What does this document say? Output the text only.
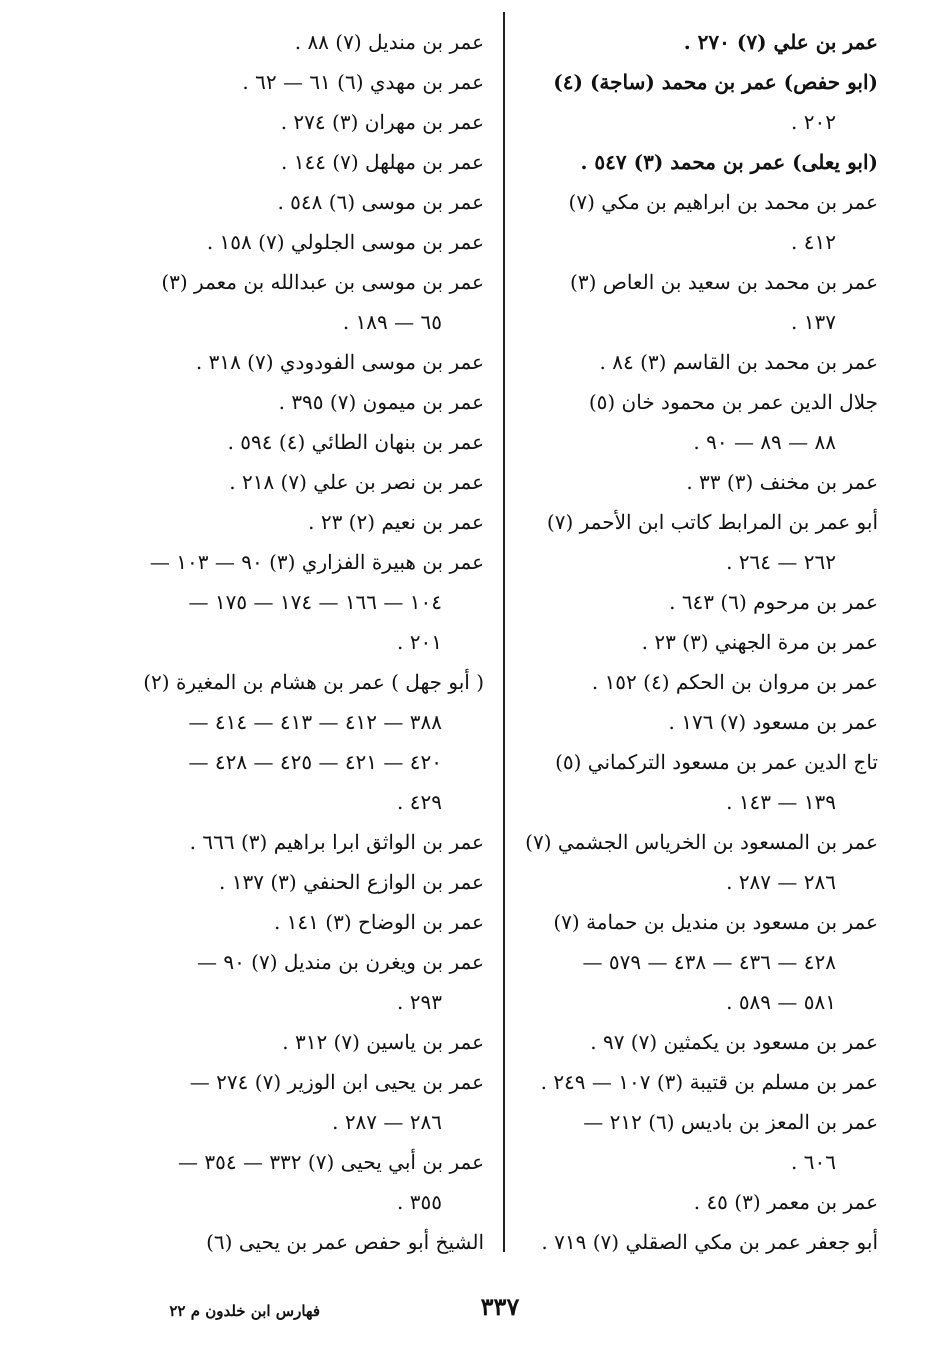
عمر بن علي (٧) ٢٧٠ .
(ابو حفص) عمر بن محمد (ساجة) (٤)
٢٠٢ .
(ابو يعلى) عمر بن محمد (٣) ٥٤٧ .
عمر بن محمد بن ابراهيم بن مكي (٧)
٤١٢ .
عمر بن محمد بن سعيد بن العاص (٣)
١٣٧ .
عمر بن محمد بن القاسم (٣) ٨٤ .
جلال الدين عمر بن محمود خان (٥)
٨٨ — ٨٩ — ٩٠ .
عمر بن مخنف (٣) ٣٣ .
أبو عمر بن المرابط كاتب ابن الأحمر (٧)
٢٦٢ — ٢٦٤ .
عمر بن مرحوم (٦) ٦٤٣ .
عمر بن مرة الجهني (٣) ٢٣ .
عمر بن مروان بن الحكم (٤) ١٥٢ .
عمر بن مسعود (٧) ١٧٦ .
تاج الدين عمر بن مسعود التركماني (٥)
١٣٩ — ١٤٣ .
عمر بن المسعود بن الخرياس الجشمي (٧)
٢٨٦ — ٢٨٧ .
عمر بن مسعود بن منديل بن حمامة (٧)
٤٢٨ — ٤٣٦ — ٤٣٨ — ٥٧٩ —
٥٨١ — ٥٨٩ .
عمر بن مسعود بن يكمثين (٧) ٩٧ .
عمر بن مسلم بن قتيبة (٣) ١٠٧ — ٢٤٩ .
عمر بن المعز بن باديس (٦) ٢١٢ —
٦٠٦ .
عمر بن معمر (٣) ٤٥ .
أبو جعفر عمر بن مكي الصقلي (٧) ٧١٩ .
عمر بن منديل (٧) ٨٨ .
عمر بن مهدي (٦) ٦١ — ٦٢ .
عمر بن مهران (٣) ٢٧٤ .
عمر بن مهلهل (٧) ١٤٤ .
عمر بن موسى (٦) ٥٤٨ .
عمر بن موسى الجلولي (٧) ١٥٨ .
عمر بن موسى بن عبدالله بن معمر (٣)
٦٥ — ١٨٩ .
عمر بن موسى الفودودي (٧) ٣١٨ .
عمر بن ميمون (٧) ٣٩٥ .
عمر بن بنهان الطائي (٤) ٥٩٤ .
عمر بن نصر بن علي (٧) ٢١٨ .
عمر بن نعيم (٢) ٢٣ .
عمر بن هبيرة الفزاري (٣) ٩٠ — ١٠٣ —
١٠٤ — ١٦٦ — ١٧٤ — ١٧٥ —
٢٠١ .
( أبو جهل ) عمر بن هشام بن المغيرة (٢)
٣٨٨ — ٤١٢ — ٤١٣ — ٤١٤ —
٤٢٠ — ٤٢١ — ٤٢٥ — ٤٢٨ —
٤٢٩ .
عمر بن الواثق ابرا براهيم (٣) ٦٦٦ .
عمر بن الوازع الحنفي (٣) ١٣٧ .
عمر بن الوضاح (٣) ١٤١ .
عمر بن ويغرن بن منديل (٧) ٩٠ —
٢٩٣ .
عمر بن ياسين (٧) ٣١٢ .
عمر بن يحيى ابن الوزير (٧) ٢٧٤ —
٢٨٦ — ٢٨٧ .
عمر بن أبي يحيى (٧) ٣٣٢ — ٣٥٤ —
٣٥٥ .
الشيخ أبو حفص عمر بن يحيى (٦)
٣٣٧
فهارس ابن خلدون م ٢٢
